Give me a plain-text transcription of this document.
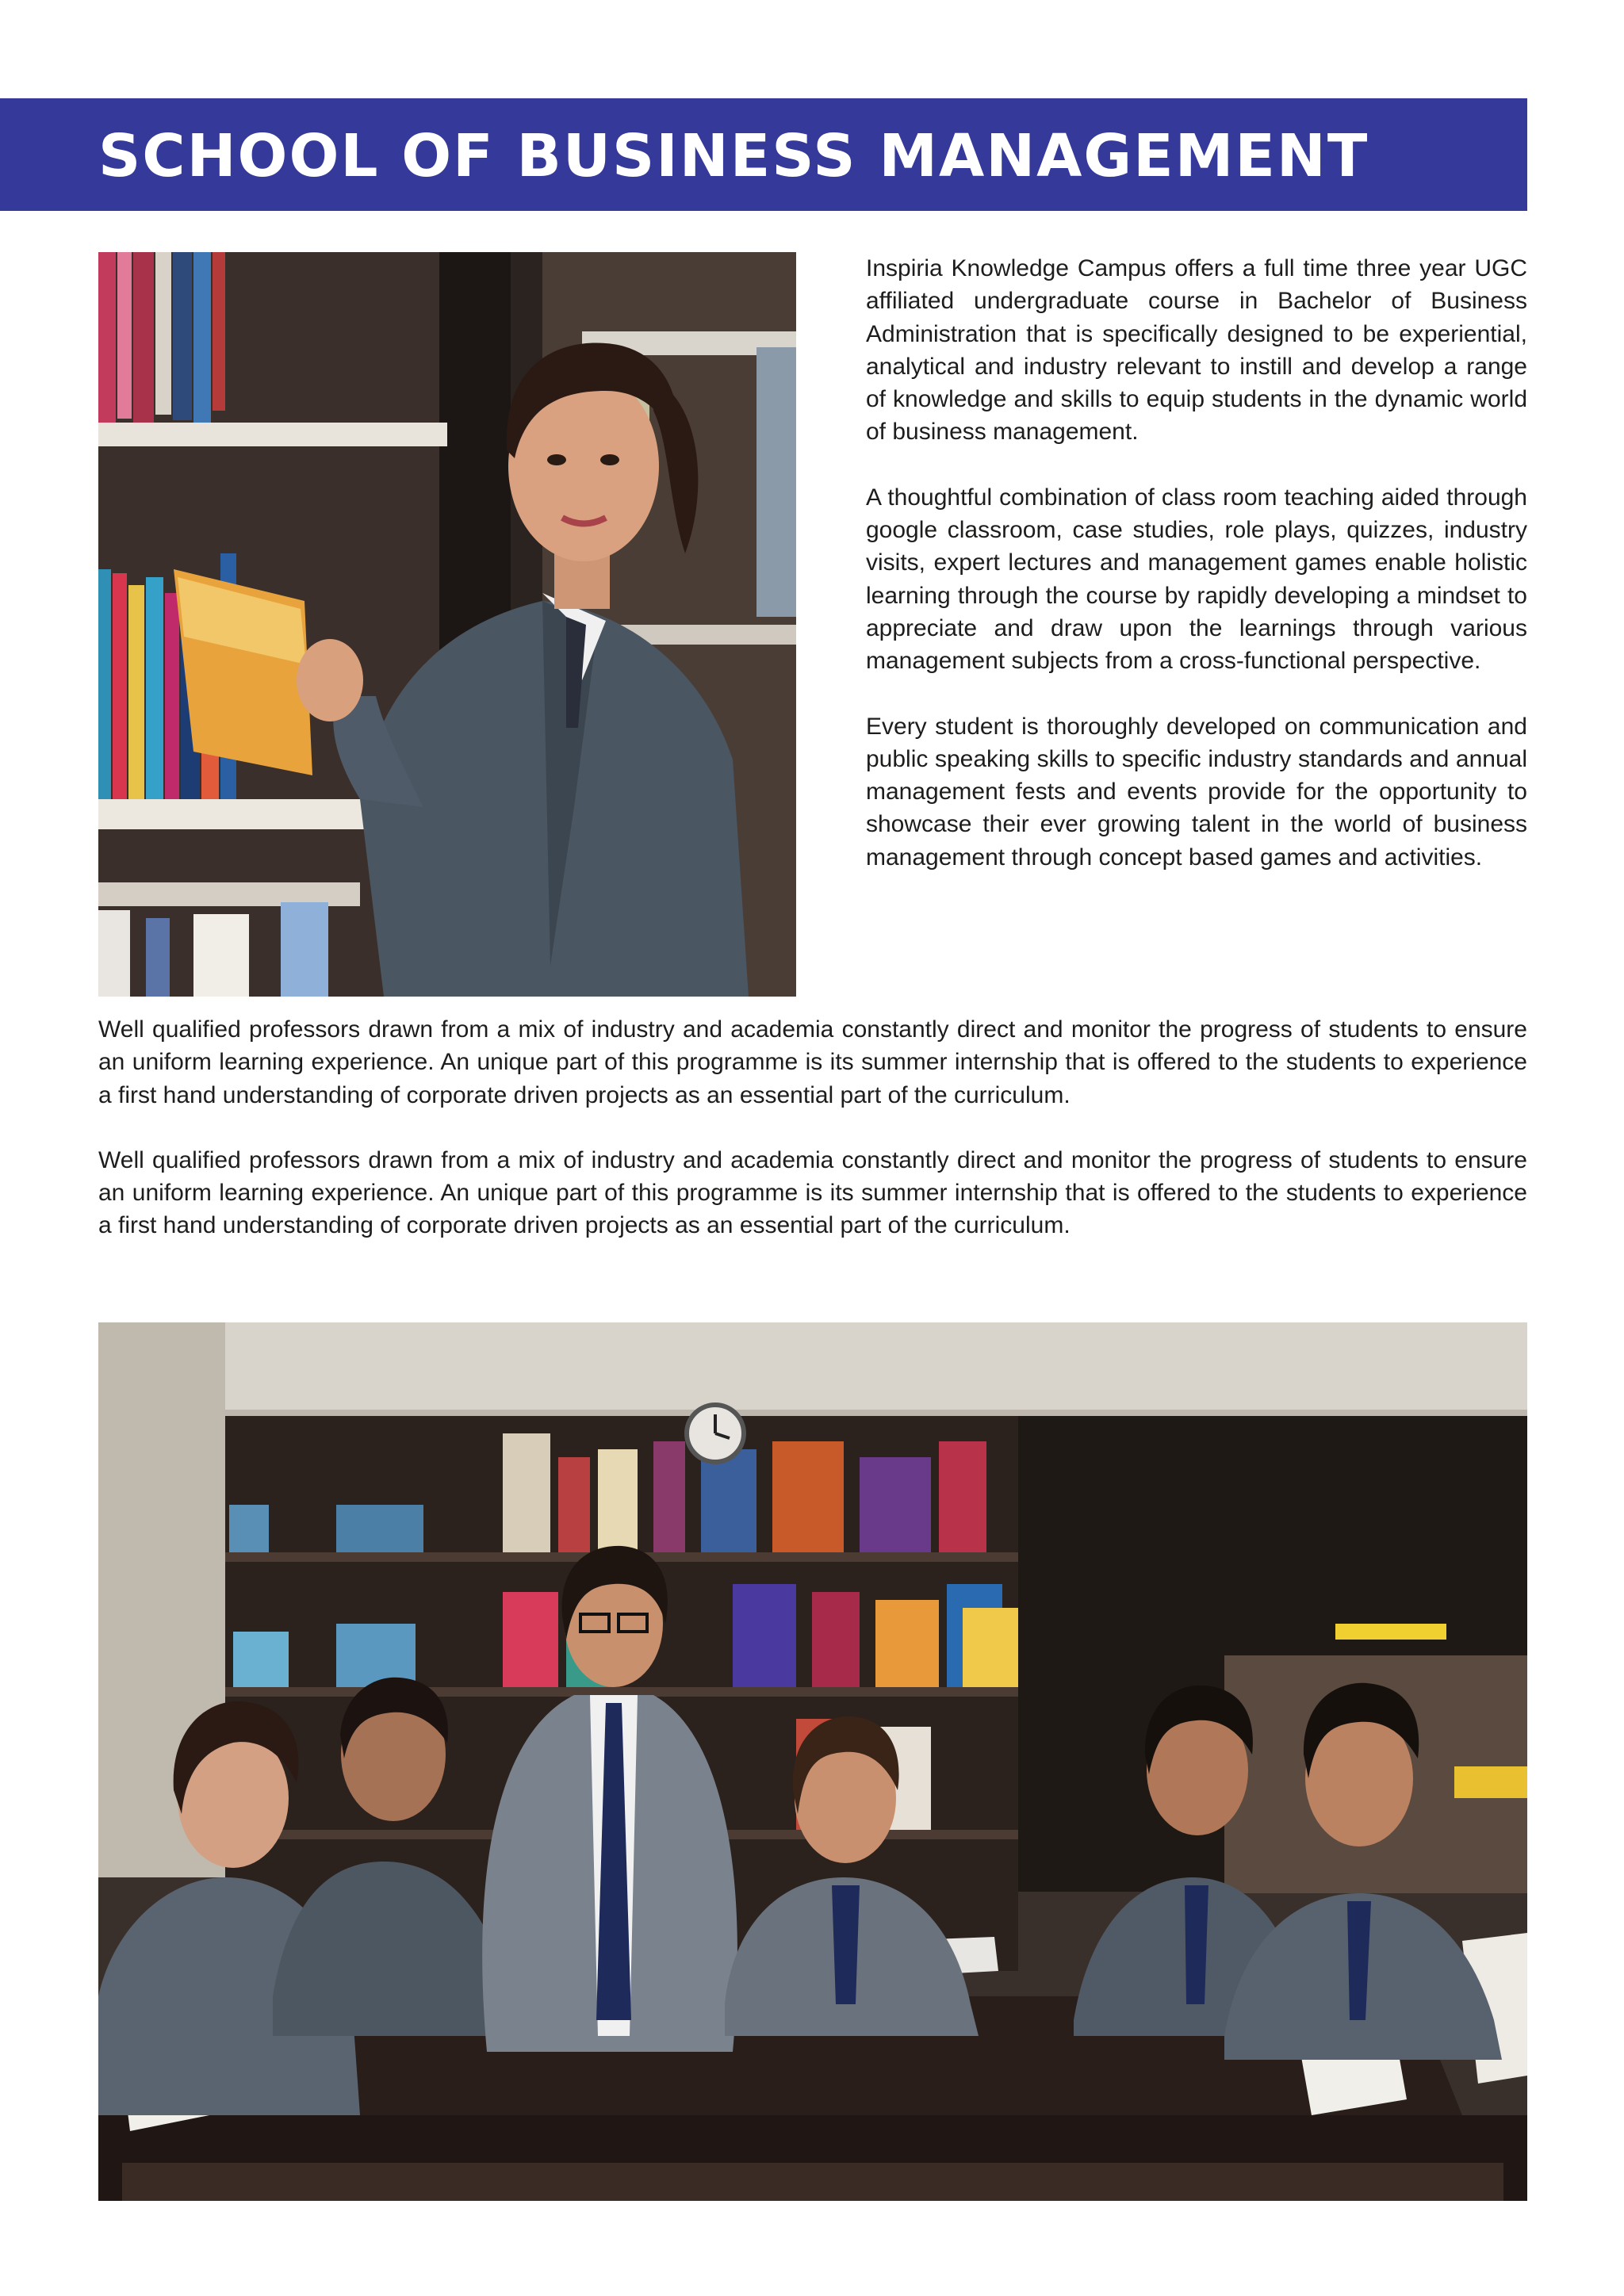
SCHOOL OF BUSINESS MANAGEMENT

Inspiria Knowledge Campus offers a full time three year UGC affiliated undergraduate course in Bachelor of Business Administration that is specifically designed to be experiential, analytical and industry relevant to instill and develop a range of knowledge and skills to equip students in the dynamic world of business management.

A thoughtful combination of class room teaching aided through google classroom, case studies, role plays, quizzes, industry visits, expert lectures and management games enable holistic learning through the course by rapidly developing a mindset to appreciate and draw upon the learnings through various management subjects from a cross-functional perspective.

Every student is thoroughly developed on communication and public speaking skills to specific industry standards and annual management fests and events provide for the opportunity to showcase their ever growing talent in the world of business management through concept based games and activities.

Well qualified professors drawn from a mix of industry and academia constantly direct and monitor the progress of students to ensure an uniform learning experience. An unique part of this programme is its summer internship that is offered to the students to experience a first hand understanding of corporate driven projects as an essential part of the curriculum.

Well qualified professors drawn from a mix of industry and academia constantly direct and monitor the progress of students to ensure an uniform learning experience. An unique part of this programme is its summer internship that is offered to the students to experience a first hand understanding of corporate driven projects as an essential part of the curriculum.
